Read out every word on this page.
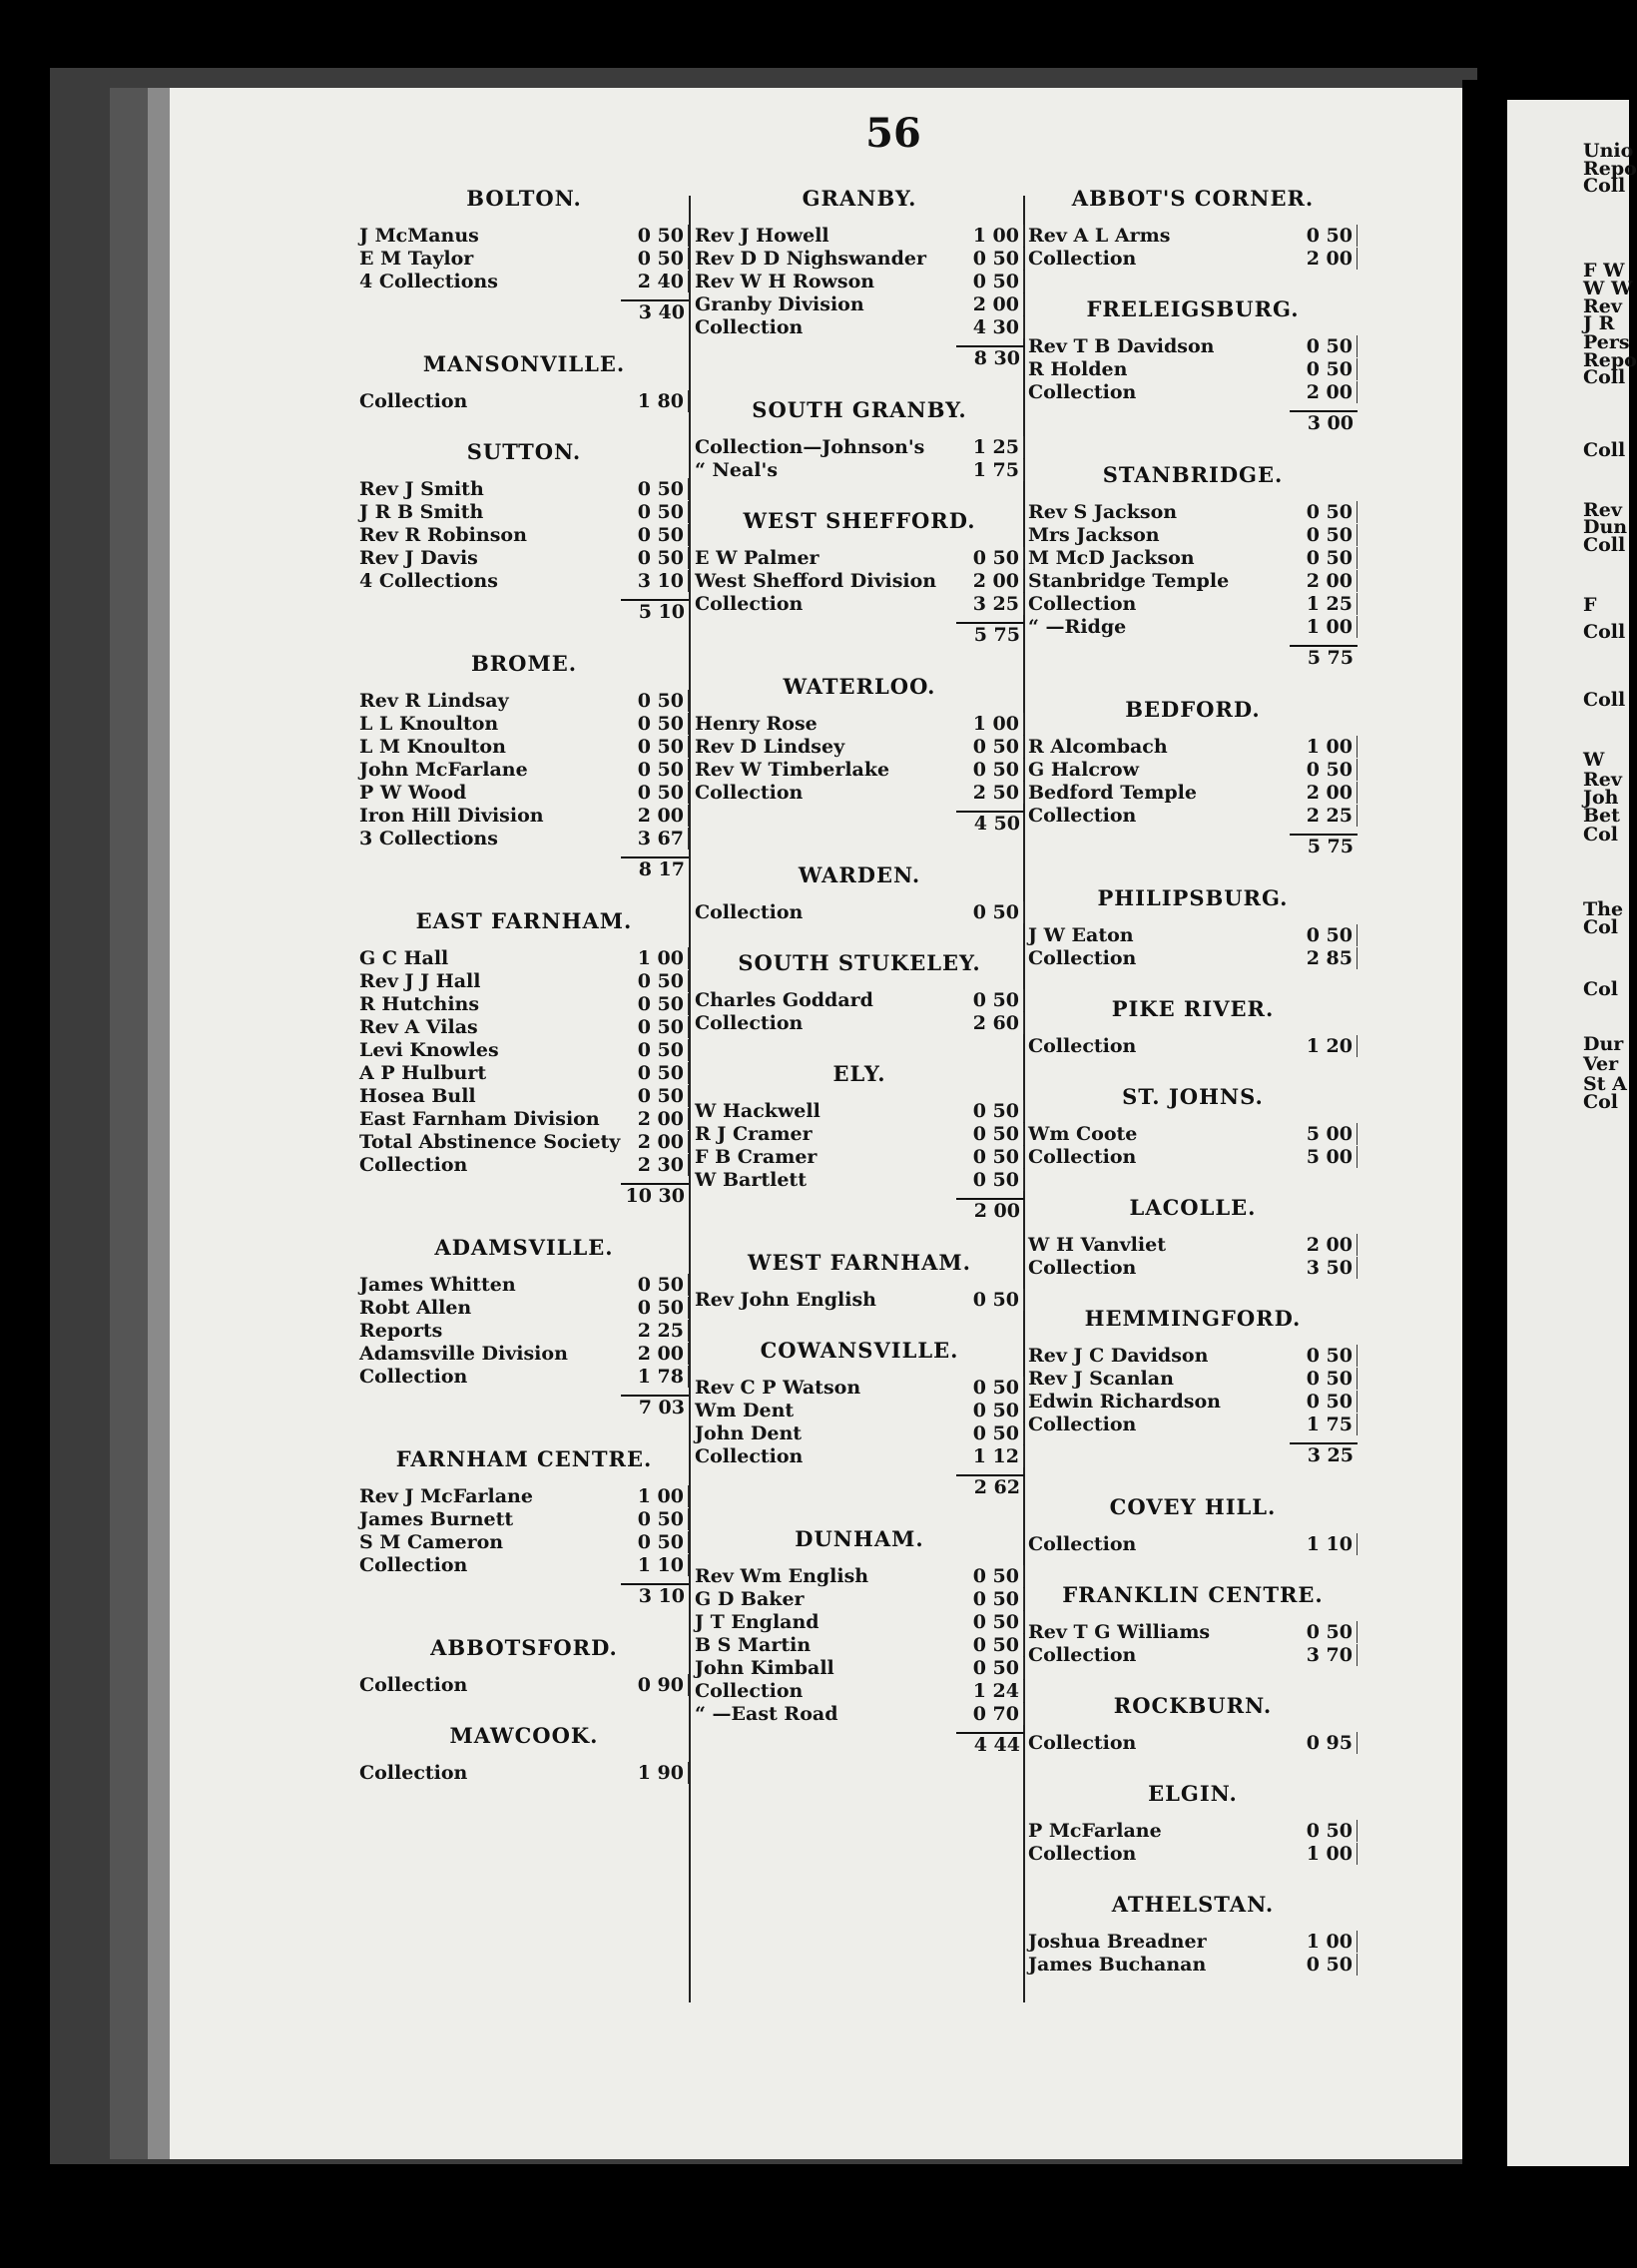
56
BOLTON.
J McManus	0 50
E M Taylor	0 50
4 Collections	2 40
3 40
MANSONVILLE.
Collection	1 80
SUTTON.
Rev J Smith	0 50
J R B Smith	0 50
Rev R Robinson	0 50
Rev J Davis	0 50
4 Collections	3 10
5 10
BROME.
Rev R Lindsay	0 50
L L Knoulton	0 50
L M Knoulton	0 50
John McFarlane	0 50
P W Wood	0 50
Iron Hill Division	2 00
3 Collections	3 67
8 17
EAST FARNHAM.
G C Hall	1 00
Rev J J Hall	0 50
R Hutchins	0 50
Rev A Vilas	0 50
Levi Knowles	0 50
A P Hulburt	0 50
Hosea Bull	0 50
East Farnham Division	2 00
Total Abstinence Society 2 00
Collection	2 30
10 30
ADAMSVILLE.
James Whitten	0 50
Robt Allen	0 50
Reports	2 25
Adamsville Division	2 00
Collection	1 78
7 03
FARNHAM CENTRE.
Rev J McFarlane	1 00
James Burnett	0 50
S M Cameron	0 50
Collection	1 10
3 10
ABBOTSFORD.
Collection	0 90
MAWCOOK.
Collection	1 90
GRANBY.
Rev J Howell	1 00
Rev D D Nighswander	0 50
Rev W H Rowson	0 50
Granby Division	2 00
Collection	4 30
8 30
SOUTH GRANBY.
Collection—Johnson's	1 25
“ Neal's	1 75
WEST SHEFFORD.
E W Palmer	0 50
West Shefford Division	2 00
Collection	3 25
5 75
WATERLOO.
Henry Rose	1 00
Rev D Lindsey	0 50
Rev W Timberlake	0 50
Collection	2 50
4 50
WARDEN.
Collection	0 50
SOUTH STUKELEY.
Charles Goddard	0 50
Collection	2 60
ELY.
W Hackwell	0 50
R J Cramer	0 50
F B Cramer	0 50
W Bartlett	0 50
2 00
WEST FARNHAM.
Rev John English	0 50
COWANSVILLE.
Rev C P Watson	0 50
Wm Dent	0 50
John Dent	0 50
Collection	1 12
2 62
DUNHAM.
Rev Wm English	0 50
G D Baker	0 50
J T England	0 50
B S Martin	0 50
John Kimball	0 50
Collection	1 24
“ —East Road	0 70
4 44
ABBOT'S CORNER.
Rev A L Arms	0 50
Collection	2 00
FRELEIGSBURG.
Rev T B Davidson	0 50
R Holden	0 50
Collection	2 00
3 00
STANBRIDGE.
Rev S Jackson	0 50
Mrs Jackson	0 50
M McD Jackson	0 50
Stanbridge Temple	2 00
Collection	1 25
“ —Ridge	1 00
5 75
BEDFORD.
R Alcombach	1 00
G Halcrow	0 50
Bedford Temple	2 00
Collection	2 25
5 75
PHILIPSBURG.
J W Eaton	0 50
Collection	2 85
PIKE RIVER.
Collection	1 20
ST. JOHNS.
Wm Coote	5 00
Collection	5 00
LACOLLE.
W H Vanvliet	2 00
Collection	3 50
HEMMINGFORD.
Rev J C Davidson	0 50
Rev J Scanlan	0 50
Edwin Richardson	0 50
Collection	1 75
3 25
COVEY HILL.
Collection	1 10
FRANKLIN CENTRE.
Rev T G Williams	0 50
Collection	3 70
ROCKBURN.
Collection	0 95
ELGIN.
P McFarlane	0 50
Collection	1 00
ATHELSTAN.
Joshua Breadner	1 00
James Buchanan	0 50
Unio
Repo
Coll
F W
W W
Rev
J R
Pers
Repo
Coll
Coll
Rev
Dun
Coll
F
Coll
Coll
W
Rev
Joh
Bet
Col
The
Col
Col
Dur
Ver
St A
Col
